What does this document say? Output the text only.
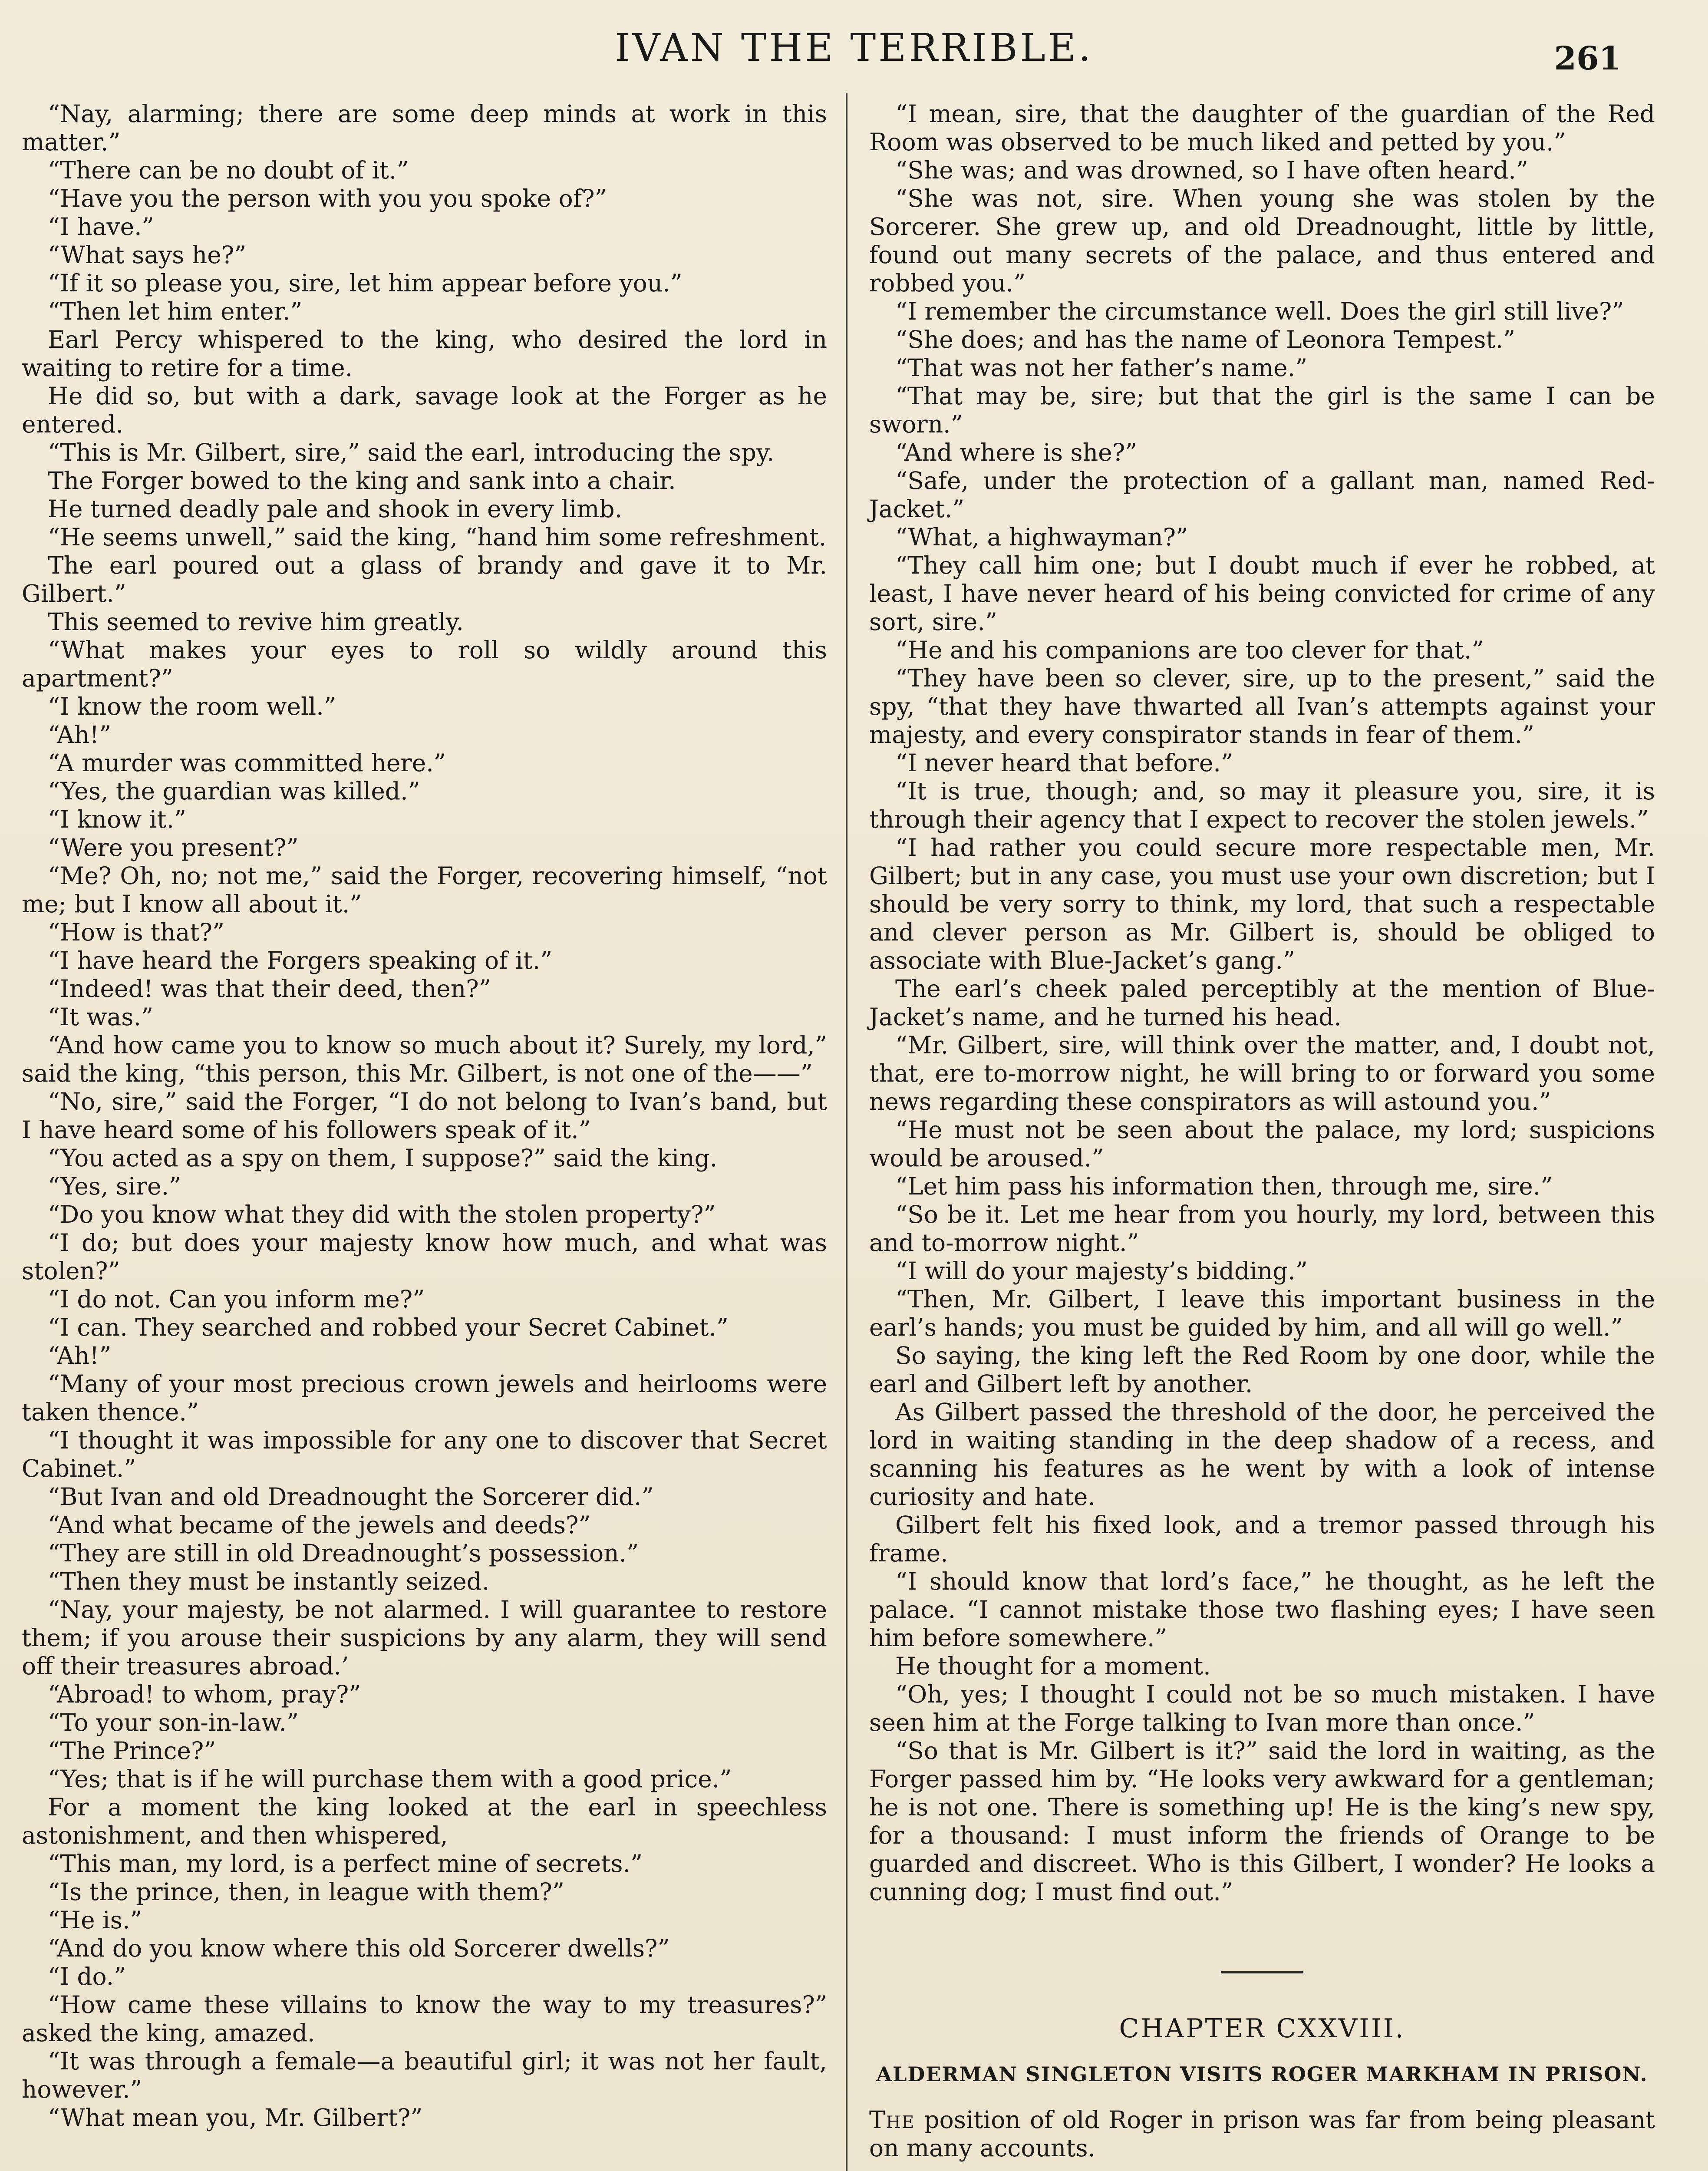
IVAN THE TERRIBLE.	261

“Nay, alarming; there are some deep minds at work in this matter.”

“There can be no doubt of it.”

“Have you the person with you you spoke of?”

“I have.”

“What says he?”

“If it so please you, sire, let him appear before you.”

“Then let him enter.”

Earl Percy whispered to the king, who desired the lord in waiting to retire for a time.

He did so, but with a dark, savage look at the Forger as he entered.

“This is Mr. Gilbert, sire,” said the earl, introducing the spy.

The Forger bowed to the king and sank into a chair.

He turned deadly pale and shook in every limb.

“He seems unwell,” said the king, “hand him some refreshment.

The earl poured out a glass of brandy and gave it to Mr. Gilbert.”

This seemed to revive him greatly.

“What makes your eyes to roll so wildly around this apartment?”

“I know the room well.”

“Ah!”

“A murder was committed here.”

“Yes, the guardian was killed.”

“I know it.”

“Were you present?”

“Me? Oh, no; not me,” said the Forger, recovering himself, “not me; but I know all about it.”

“How is that?”

“I have heard the Forgers speaking of it.”

“Indeed! was that their deed, then?”

“It was.”

“And how came you to know so much about it? Surely, my lord,” said the king, “this person, this Mr. Gilbert, is not one of the——”

“No, sire,” said the Forger, “I do not belong to Ivan’s band, but I have heard some of his followers speak of it.”

“You acted as a spy on them, I suppose?” said the king.

“Yes, sire.”

“Do you know what they did with the stolen property?”

“I do; but does your majesty know how much, and what was stolen?”

“I do not. Can you inform me?”

“I can. They searched and robbed your Secret Cabinet.”

“Ah!”

“Many of your most precious crown jewels and heirlooms were taken thence.”

“I thought it was impossible for any one to discover that Secret Cabinet.”

“But Ivan and old Dreadnought the Sorcerer did.”

“And what became of the jewels and deeds?”

“They are still in old Dreadnought’s possession.”

“Then they must be instantly seized.

“Nay, your majesty, be not alarmed. I will guarantee to restore them; if you arouse their suspicions by any alarm, they will send off their treasures abroad.’

“Abroad! to whom, pray?”

“To your son-in-law.”

“The Prince?”

“Yes; that is if he will purchase them with a good price.”

For a moment the king looked at the earl in speechless astonishment, and then whispered,

“This man, my lord, is a perfect mine of secrets.”

“Is the prince, then, in league with them?”

“He is.”

“And do you know where this old Sorcerer dwells?”

“I do.”

“How came these villains to know the way to my treasures?” asked the king, amazed.

“It was through a female—a beautiful girl; it was not her fault, however.”

“What mean you, Mr. Gilbert?”

“I mean, sire, that the daughter of the guardian of the Red Room was observed to be much liked and petted by you.”

“She was; and was drowned, so I have often heard.”

“She was not, sire. When young she was stolen by the Sorcerer. She grew up, and old Dreadnought, little by little, found out many secrets of the palace, and thus entered and robbed you.”

“I remember the circumstance well. Does the girl still live?”

“She does; and has the name of Leonora Tempest.”

“That was not her father’s name.”

“That may be, sire; but that the girl is the same I can be sworn.”

“And where is she?”

“Safe, under the protection of a gallant man, named Red-Jacket.”

“What, a highwayman?”

“They call him one; but I doubt much if ever he robbed, at least, I have never heard of his being convicted for crime of any sort, sire.”

“He and his companions are too clever for that.”

“They have been so clever, sire, up to the present,” said the spy, “that they have thwarted all Ivan’s attempts against your majesty, and every conspirator stands in fear of them.”

“I never heard that before.”

“It is true, though; and, so may it pleasure you, sire, it is through their agency that I expect to recover the stolen jewels.”

“I had rather you could secure more respectable men, Mr. Gilbert; but in any case, you must use your own discretion; but I should be very sorry to think, my lord, that such a respectable and clever person as Mr. Gilbert is, should be obliged to associate with Blue-Jacket’s gang.”

The earl’s cheek paled perceptibly at the mention of Blue-Jacket’s name, and he turned his head.

“Mr. Gilbert, sire, will think over the matter, and, I doubt not, that, ere to-morrow night, he will bring to or forward you some news regarding these conspirators as will astound you.”

“He must not be seen about the palace, my lord; suspicions would be aroused.”

“Let him pass his information then, through me, sire.”

“So be it. Let me hear from you hourly, my lord, between this and to-morrow night.”

“I will do your majesty’s bidding.”

“Then, Mr. Gilbert, I leave this important business in the earl’s hands; you must be guided by him, and all will go well.”

So saying, the king left the Red Room by one door, while the earl and Gilbert left by another.

As Gilbert passed the threshold of the door, he perceived the lord in waiting standing in the deep shadow of a recess, and scanning his features as he went by with a look of intense curiosity and hate.

Gilbert felt his fixed look, and a tremor passed through his frame.

“I should know that lord’s face,” he thought, as he left the palace. “I cannot mistake those two flashing eyes; I have seen him before somewhere.”

He thought for a moment.

“Oh, yes; I thought I could not be so much mistaken. I have seen him at the Forge talking to Ivan more than once.”

“So that is Mr. Gilbert is it?” said the lord in waiting, as the Forger passed him by. “He looks very awkward for a gentleman; he is not one. There is something up! He is the king’s new spy, for a thousand: I must inform the friends of Orange to be guarded and discreet. Who is this Gilbert, I wonder? He looks a cunning dog; I must find out.”

CHAPTER CXXVIII.
ALDERMAN SINGLETON VISITS ROGER MARKHAM IN PRISON.

The position of old Roger in prison was far from being pleasant on many accounts.
